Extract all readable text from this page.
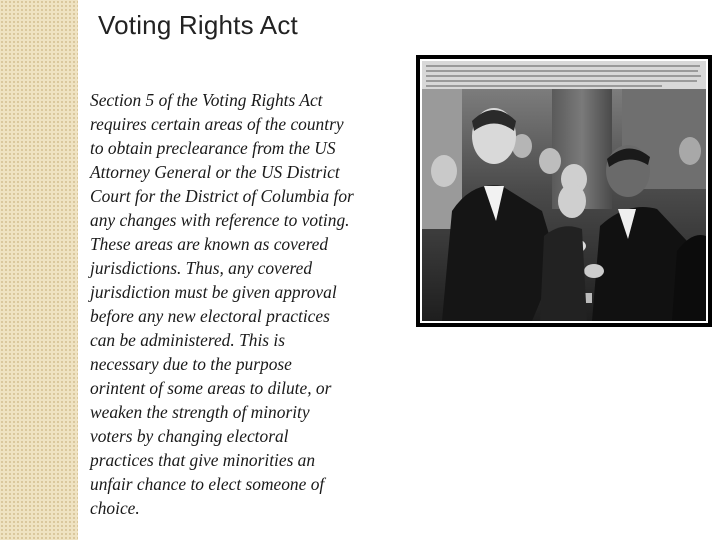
Voting Rights Act

Section 5 of the Voting Rights Act
requires certain areas of the country
to obtain preclearance from the US
Attorney General or the US District
Court for the District of Columbia for
any changes with reference to voting.
These areas are known as covered
jurisdictions. Thus, any covered
jurisdiction must be given approval
before any new electoral practices
can be administered. This is
necessary due to the purpose
orintent of some areas to dilute, or
weaken the strength of minority
voters by changing electoral
practices that give minorities an
unfair chance to elect someone of
choice.
